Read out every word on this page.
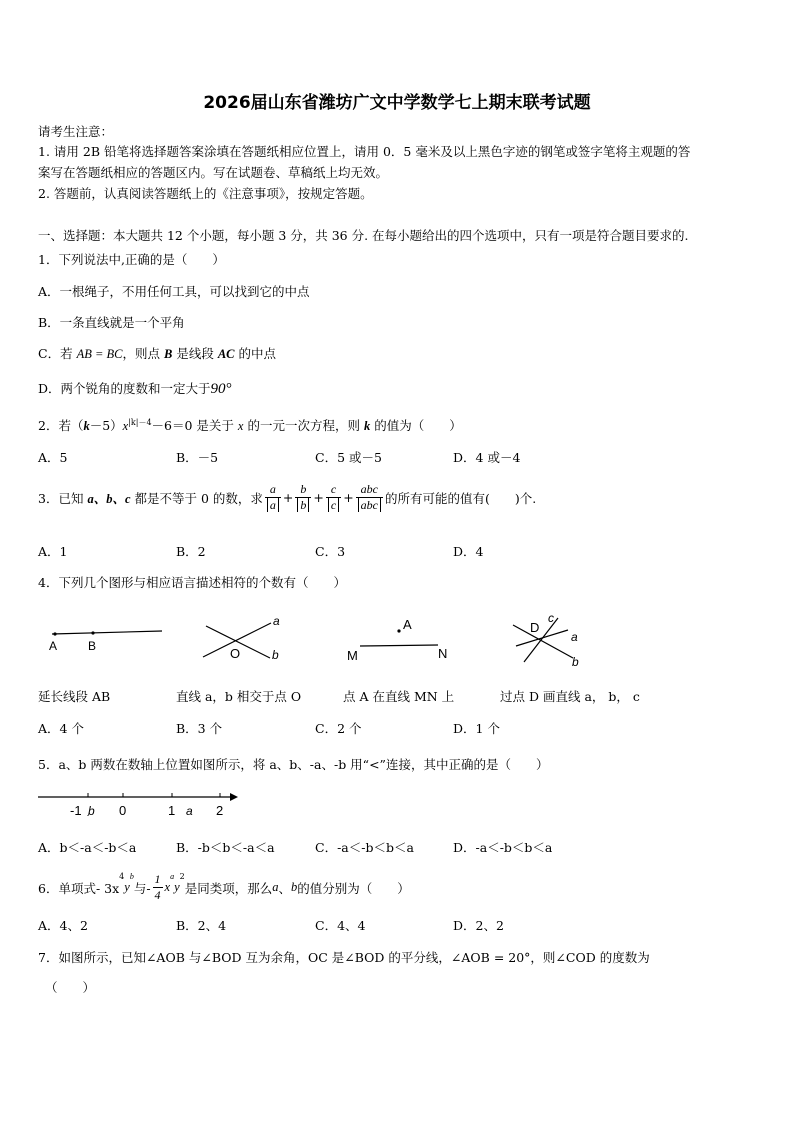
2026届山东省潍坊广文中学数学七上期末联考试题
请考生注意：
1. 请用 2B 铅笔将选择题答案涂填在答题纸相应位置上，请用 0．5 毫米及以上黑色字迹的钢笔或签字笔将主观题的答
案写在答题纸相应的答题区内。写在试题卷、草稿纸上均无效。
2. 答题前，认真阅读答题纸上的《注意事项》，按规定答题。
一、选择题：本大题共 12 个小题，每小题 3 分，共 36 分. 在每小题给出的四个选项中，只有一项是符合题目要求的.
1．下列说法中,正确的是（　　）
A．一根绳子，不用任何工具，可以找到它的中点
B．一条直线就是一个平角
C．若 AB = BC，则点 B 是线段 AC 的中点
D．两个锐角的度数和一定大于90°
2．若$(k-5)x^{|k|-4}-6=0$ 是关于 x 的一元一次方程，则 k 的值为（　　）
A．5	B．－5	C．5 或－5	D．4 或－4
3．已知
a、b、c
都是不等于 0 的数，求 $\frac{a}{a} + \frac{b}{b} + \frac{c}{c} + \frac{\text{abc}}{\text{abc}}$ 的所有可能的值有(　　)个.
A．1	B．2	C．3	D．4
4．下列几个图形与相应语言描述相符的个数有（　　）
A	B
a
b
O
A
M	N
D
c
a
b
延长线段 AB	直线 a，b 相交于点 O	点 A 在直线 MN 上	过点 D 画直线 a， b， c
A．4 个	B．3 个	C．2 个	D．1 个
5．a、b 两数在数轴上位置如图所示，将 a、b、-a、-b 用“<”连接，其中正确的是（　　）
-1 b 0	1 a 2
A．b＜-a＜-b＜a	B．-b＜b＜-a＜a	C．-a＜-b＜b＜a	D．-a＜-b＜b＜a
6．单项式- 3x
$^4$
y
$^b$
与- $\frac{1}{4}$ x
$^a$
y
$^2$
是同类项，那么 a 、 b 的值分别为（　　）
A．4、2	B．2、4	C．4、4	D．2、2
7．如图所示，已知∠AOB 与∠BOD 互为余角，OC 是∠BOD 的平分线，∠AOB = 20°，则∠COD 的度数为
（　　）
